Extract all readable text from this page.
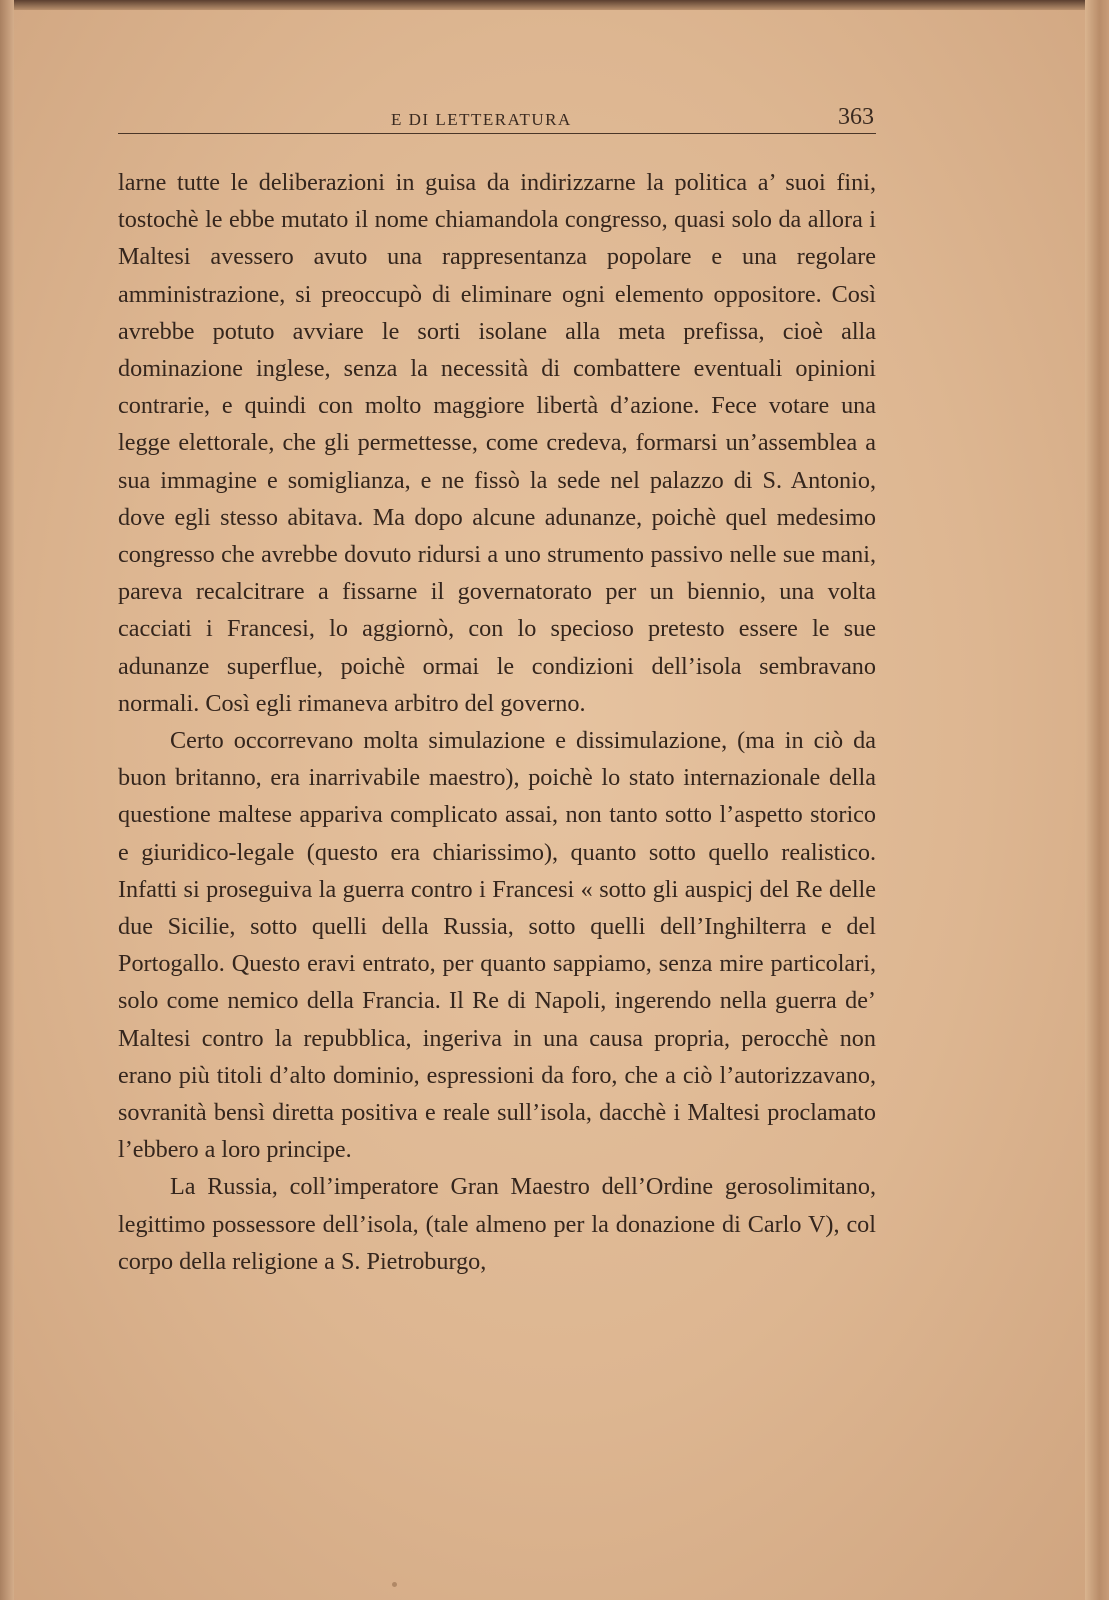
E DI LETTERATURA	363

larne tutte le deliberazioni in guisa da indirizzarne la politica a’ suoi fini, tostochè le ebbe mutato il nome chiamandola congresso, quasi solo da allora i Maltesi avessero avuto una rappresentanza popolare e una regolare amministrazione, si preoccupò di eliminare ogni elemento oppositore. Così avrebbe potuto avviare le sorti isolane alla meta prefissa, cioè alla dominazione inglese, senza la necessità di combattere eventuali opinioni contrarie, e quindi con molto maggiore libertà d’azione. Fece votare una legge elettorale, che gli permettesse, come credeva, formarsi un’assemblea a sua immagine e somiglianza, e ne fissò la sede nel palazzo di S. Antonio, dove egli stesso abitava. Ma dopo alcune adunanze, poichè quel medesimo congresso che avrebbe dovuto ridursi a uno strumento passivo nelle sue mani, pareva recalcitrare a fissarne il governatorato per un biennio, una volta cacciati i Francesi, lo aggiornò, con lo specioso pretesto essere le sue adunanze superflue, poichè ormai le condizioni dell’isola sembravano normali. Così egli rimaneva arbitro del governo.

Certo occorrevano molta simulazione e dissimulazione, (ma in ciò da buon britanno, era inarrivabile maestro), poichè lo stato internazionale della questione maltese appariva complicato assai, non tanto sotto l’aspetto storico e giuridico-legale (questo era chiarissimo), quanto sotto quello realistico. Infatti si proseguiva la guerra contro i Francesi « sotto gli auspicj del Re delle due Sicilie, sotto quelli della Russia, sotto quelli dell’Inghilterra e del Portogallo. Questo eravi entrato, per quanto sappiamo, senza mire particolari, solo come nemico della Francia. Il Re di Napoli, ingerendo nella guerra de’ Maltesi contro la repubblica, ingeriva in una causa propria, perocchè non erano più titoli d’alto dominio, espressioni da foro, che a ciò l’autorizzavano, sovranità bensì diretta positiva e reale sull’isola, dacchè i Maltesi proclamato l’ebbero a loro principe.

La Russia, coll’imperatore Gran Maestro dell’Ordine gerosolimitano, legittimo possessore dell’isola, (tale almeno per la donazione di Carlo V), col corpo della religione a S. Pietroburgo,
